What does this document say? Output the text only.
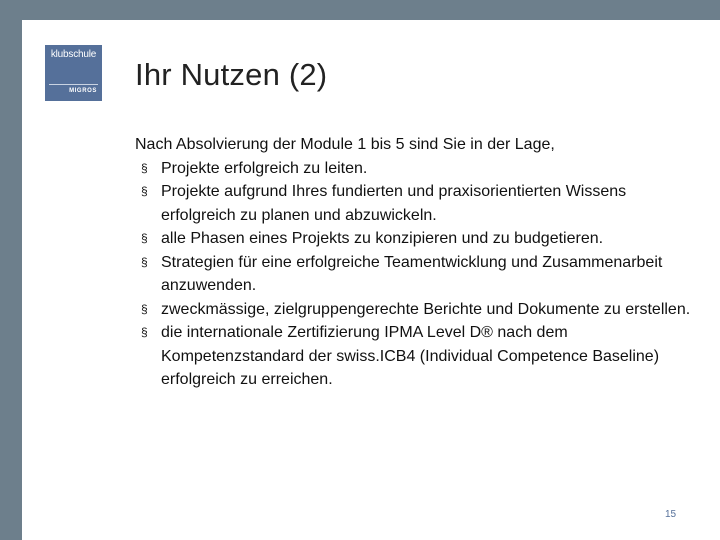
klubschule
MIGROS Ihr Nutzen (2)

Nach Absolvierung der Module 1 bis 5 sind Sie in der Lage,

§ Projekte erfolgreich zu leiten.
§ Projekte aufgrund Ihres fundierten und praxisorientierten Wissens erfolgreich zu planen und abzuwickeln.
§ alle Phasen eines Projekts zu konzipieren und zu budgetieren.
§ Strategien für eine erfolgreiche Teamentwicklung und Zusammenarbeit anzuwenden.
§ zweckmässige, zielgruppengerechte Berichte und Dokumente zu erstellen.
§ die internationale Zertifizierung IPMA Level D® nach dem Kompetenzstandard der swiss.ICB4 (Individual Competence Baseline) erfolgreich zu erreichen.
15
